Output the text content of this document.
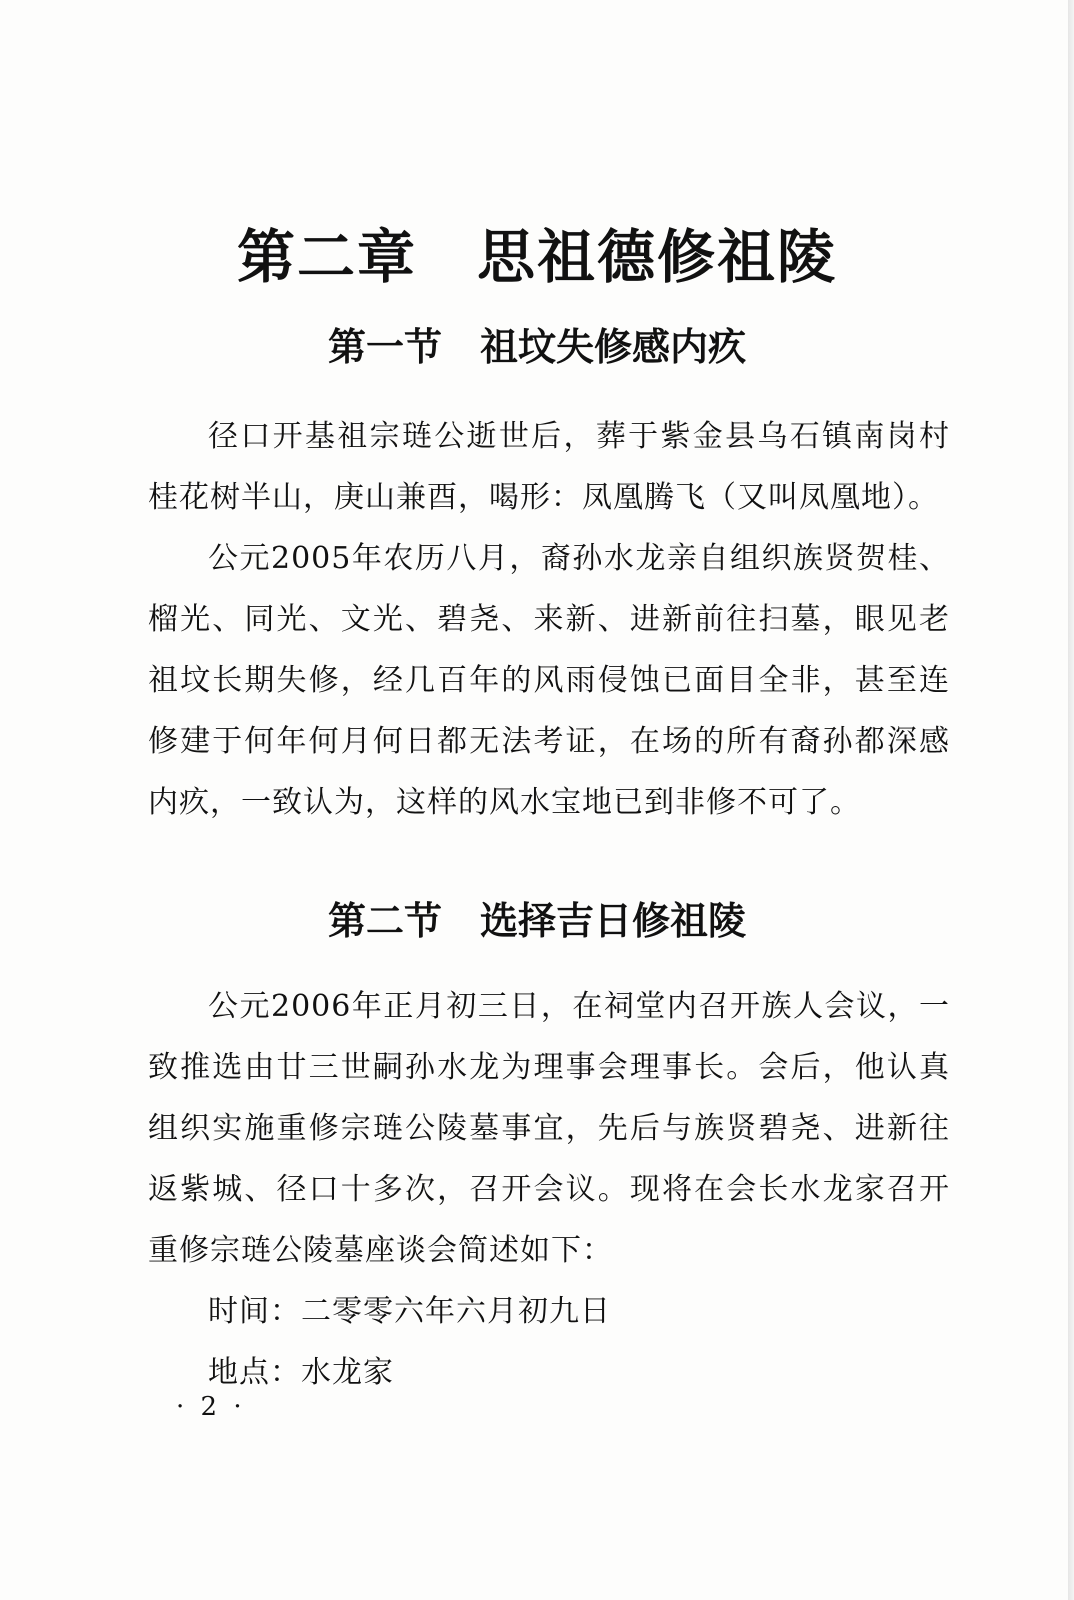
第二章　思祖德修祖陵
第一节　祖坟失修感内疚

径口开基祖宗琏公逝世后，葬于紫金县乌石镇南岗村桂花树半山，庚山兼酉，喝形：凤凰腾飞（又叫凤凰地）。

公元2005年农历八月，裔孙水龙亲自组织族贤贺桂、榴光、同光、文光、碧尧、来新、进新前往扫墓，眼见老祖坟长期失修，经几百年的风雨侵蚀已面目全非，甚至连修建于何年何月何日都无法考证，在场的所有裔孙都深感内疚，一致认为，这样的风水宝地已到非修不可了。

第二节　选择吉日修祖陵

公元2006年正月初三日，在祠堂内召开族人会议，一致推选由廿三世嗣孙水龙为理事会理事长。会后，他认真组织实施重修宗琏公陵墓事宜，先后与族贤碧尧、进新往返紫城、径口十多次，召开会议。现将在会长水龙家召开重修宗琏公陵墓座谈会简述如下：

时间：二零零六年六月初九日

地点：水龙家

· 2 ·
